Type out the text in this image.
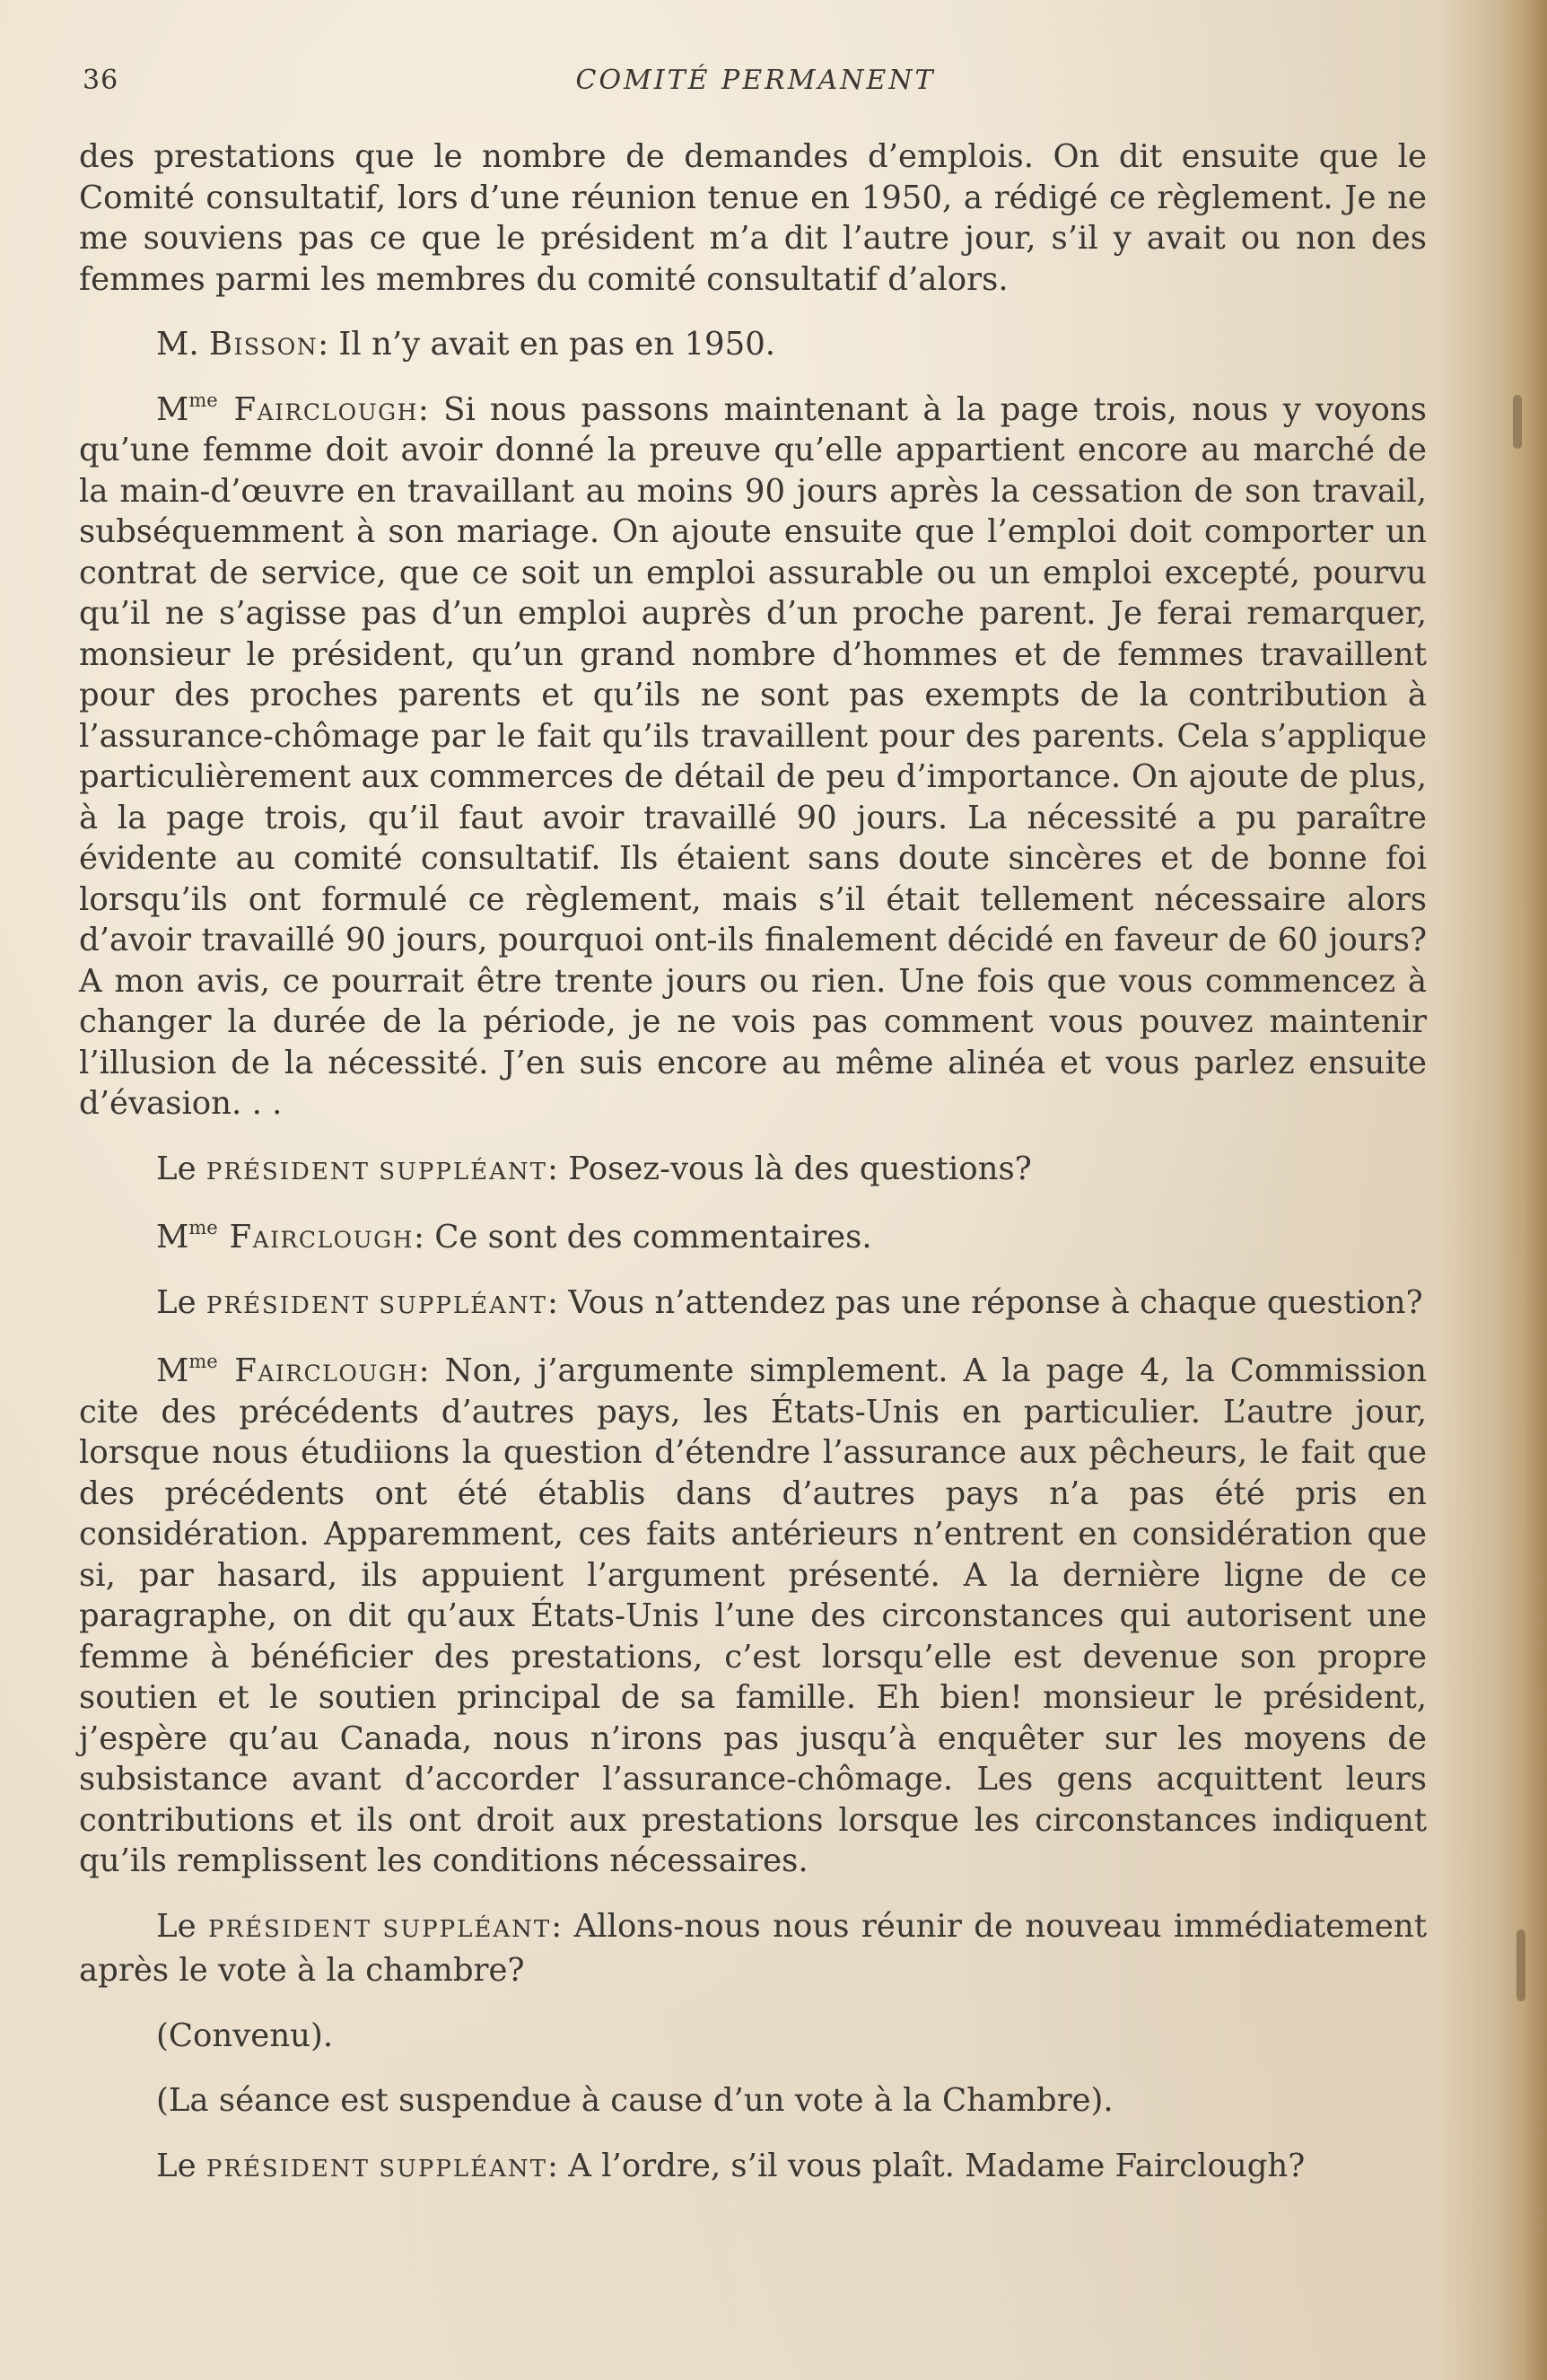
36	COMITÉ PERMANENT

des prestations que le nombre de demandes d’emplois. On dit ensuite que le Comité consultatif, lors d’une réunion tenue en 1950, a rédigé ce règlement. Je ne me souviens pas ce que le président m’a dit l’autre jour, s’il y avait ou non des femmes parmi les membres du comité consultatif d’alors.

M. Bisson: Il n’y avait en pas en 1950.

$M^{me}$ Fairclough: Si nous passons maintenant à la page trois, nous y voyons qu’une femme doit avoir donné la preuve qu’elle appartient encore au marché de la main-d’œuvre en travaillant au moins 90 jours après la cessation de son travail, subséquemment à son mariage. On ajoute ensuite que l’emploi doit comporter un contrat de service, que ce soit un emploi assurable ou un emploi excepté, pourvu qu’il ne s’agisse pas d’un emploi auprès d’un proche parent. Je ferai remarquer, monsieur le président, qu’un grand nombre d’hommes et de femmes travaillent pour des proches parents et qu’ils ne sont pas exempts de la contribution à l’assurance-chômage par le fait qu’ils travaillent pour des parents. Cela s’applique particulièrement aux commerces de détail de peu d’importance. On ajoute de plus, à la page trois, qu’il faut avoir travaillé 90 jours. La nécessité a pu paraître évidente au comité consultatif. Ils étaient sans doute sincères et de bonne foi lorsqu’ils ont formulé ce règlement, mais s’il était tellement nécessaire alors d’avoir travaillé 90 jours, pourquoi ont-ils finalement décidé en faveur de 60 jours? A mon avis, ce pourrait être trente jours ou rien. Une fois que vous commencez à changer la durée de la période, je ne vois pas comment vous pouvez maintenir l’illusion de la nécessité. J’en suis encore au même alinéa et vous parlez ensuite d’évasion. . .

Le PRÉSIDENT SUPPLÉANT: Posez-vous là des questions?

$M^{me}$ Fairclough: Ce sont des commentaires.

Le PRÉSIDENT SUPPLÉANT: Vous n’attendez pas une réponse à chaque question?

$M^{me}$ Fairclough: Non, j’argumente simplement. A la page 4, la Commission cite des précédents d’autres pays, les États-Unis en particulier. L’autre jour, lorsque nous étudiions la question d’étendre l’assurance aux pêcheurs, le fait que des précédents ont été établis dans d’autres pays n’a pas été pris en considération. Apparemment, ces faits antérieurs n’entrent en considération que si, par hasard, ils appuient l’argument présenté. A la dernière ligne de ce paragraphe, on dit qu’aux États-Unis l’une des circonstances qui autorisent une femme à bénéficier des prestations, c’est lorsqu’elle est devenue son propre soutien et le soutien principal de sa famille. Eh bien! monsieur le président, j’espère qu’au Canada, nous n’irons pas jusqu’à enquêter sur les moyens de subsistance avant d’accorder l’assurance-chômage. Les gens acquittent leurs contributions et ils ont droit aux prestations lorsque les circonstances indiquent qu’ils remplissent les conditions nécessaires.

Le PRÉSIDENT SUPPLÉANT: Allons-nous nous réunir de nouveau immédiatement après le vote à la chambre?

(Convenu).

(La séance est suspendue à cause d’un vote à la Chambre).

Le PRÉSIDENT SUPPLÉANT: A l’ordre, s’il vous plaît. Madame Fairclough?
